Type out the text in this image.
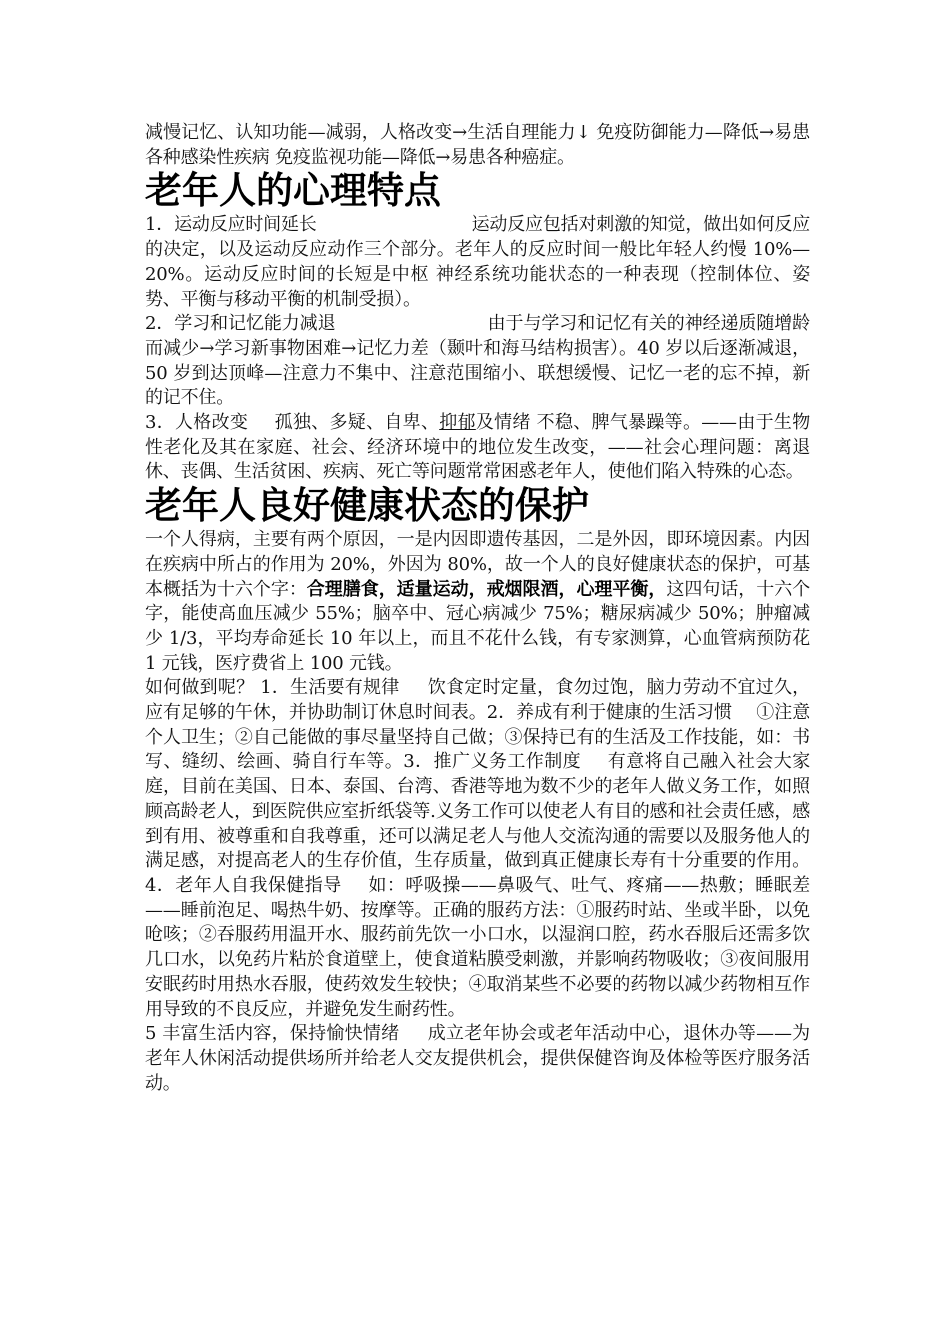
减慢记忆、认知功能—减弱，人格改变→生活自理能力↓ 免疫防御能力—降低→易患各种感染性疾病 免疫监视功能—降低→易患各种癌症。

老年人的心理特点

1．运动反应时间延长	运动反应包括对刺激的知觉，做出如何反应的决定，以及运动反应动作三个部分。老年人的反应时间一般比年轻人约慢 10%—20%。运动反应时间的长短是中枢 神经系统功能状态的一种表现（控制体位、姿势、平衡与移动平衡的机制受损）。

2．学习和记忆能力减退	由于与学习和记忆有关的神经递质随增龄而减少→学习新事物困难→记忆力差（颞叶和海马结构损害）。40 岁以后逐渐减退，50 岁到达顶峰—注意力不集中、注意范围缩小、联想缓慢、记忆一老的忘不掉，新的记不住。

3．人格改变 孤独、多疑、自卑、抑郁及情绪 不稳、脾气暴躁等。——由于生物性老化及其在家庭、社会、经济环境中的地位发生改变，——社会心理问题：离退休、丧偶、生活贫困、疾病、死亡等问题常常困惑老年人，使他们陷入特殊的心态。

老年人良好健康状态的保护

一个人得病，主要有两个原因，一是内因即遗传基因，二是外因，即环境因素。内因在疾病中所占的作用为 20%，外因为 80%，故一个人的良好健康状态的保护，可基本概括为十六个字：合理膳食，适量运动，戒烟限酒，心理平衡，这四句话，十六个字，能使高血压减少 55%；脑卒中、冠心病减少 75%；糖尿病减少 50%；肿瘤减少 1/3，平均寿命延长 10 年以上，而且不花什么钱，有专家测算，心血管病预防花 1 元钱，医疗费省上 100 元钱。

如何做到呢？ 1．生活要有规律 饮食定时定量，食勿过饱，脑力劳动不宜过久，应有足够的午休，并协助制订休息时间表。2．养成有利于健康的生活习惯 ①注意个人卫生；②自己能做的事尽量坚持自己做；③保持已有的生活及工作技能，如：书写、缝纫、绘画、骑自行车等。3．推广义务工作制度 有意将自己融入社会大家庭，目前在美国、日本、泰国、台湾、香港等地为数不少的老年人做义务工作，如照顾高龄老人，到医院供应室折纸袋等.义务工作可以使老人有目的感和社会责任感，感到有用、被尊重和自我尊重，还可以满足老人与他人交流沟通的需要以及服务他人的满足感，对提高老人的生存价值，生存质量，做到真正健康长寿有十分重要的作用。4．老年人自我保健指导 如：呼吸操——鼻吸气、吐气、疼痛——热敷；睡眠差——睡前泡足、喝热牛奶、按摩等。正确的服药方法：①服药时站、坐或半卧，以免呛咳；②吞服药用温开水、服药前先饮一小口水，以湿润口腔，药水吞服后还需多饮几口水，以免药片粘於食道壁上，使食道粘膜受刺激，并影响药物吸收；③夜间服用安眠药时用热水吞服，使药效发生较快；④取消某些不必要的药物以减少药物相互作用导致的不良反应，并避免发生耐药性。

5 丰富生活内容，保持愉快情绪 成立老年协会或老年活动中心，退休办等——为老年人休闲活动提供场所并给老人交友提供机会，提供保健咨询及体检等医疗服务活动。
